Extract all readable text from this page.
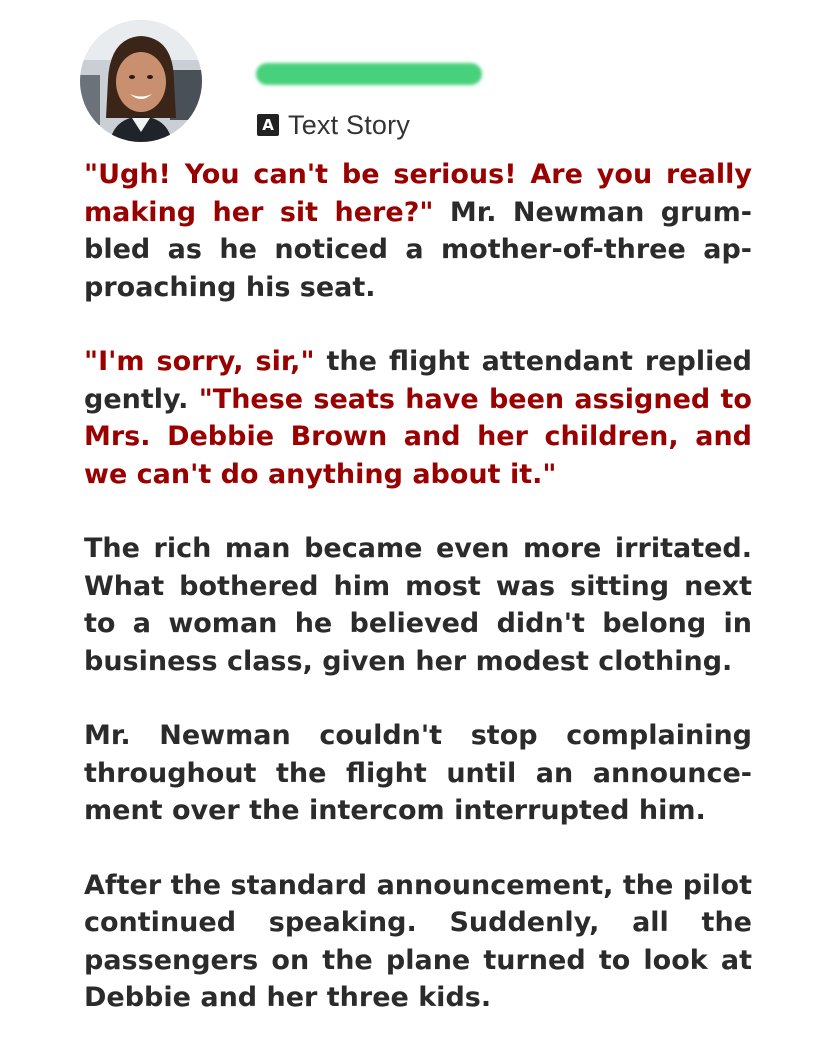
A Text Story

"Ugh! You can't be serious! Are you really making her sit here?" Mr. Newman grumbled as he noticed a mother-of-three approaching his seat.

"I'm sorry, sir," the flight attendant replied gently. "These seats have been assigned to Mrs. Debbie Brown and her children, and we can't do anything about it."

The rich man became even more irritated. What bothered him most was sitting next to a woman he believed didn't belong in business class, given her modest clothing.

Mr. Newman couldn't stop complaining throughout the flight until an announcement over the intercom interrupted him.

After the standard announcement, the pilot continued speaking. Suddenly, all the passengers on the plane turned to look at Debbie and her three kids.
